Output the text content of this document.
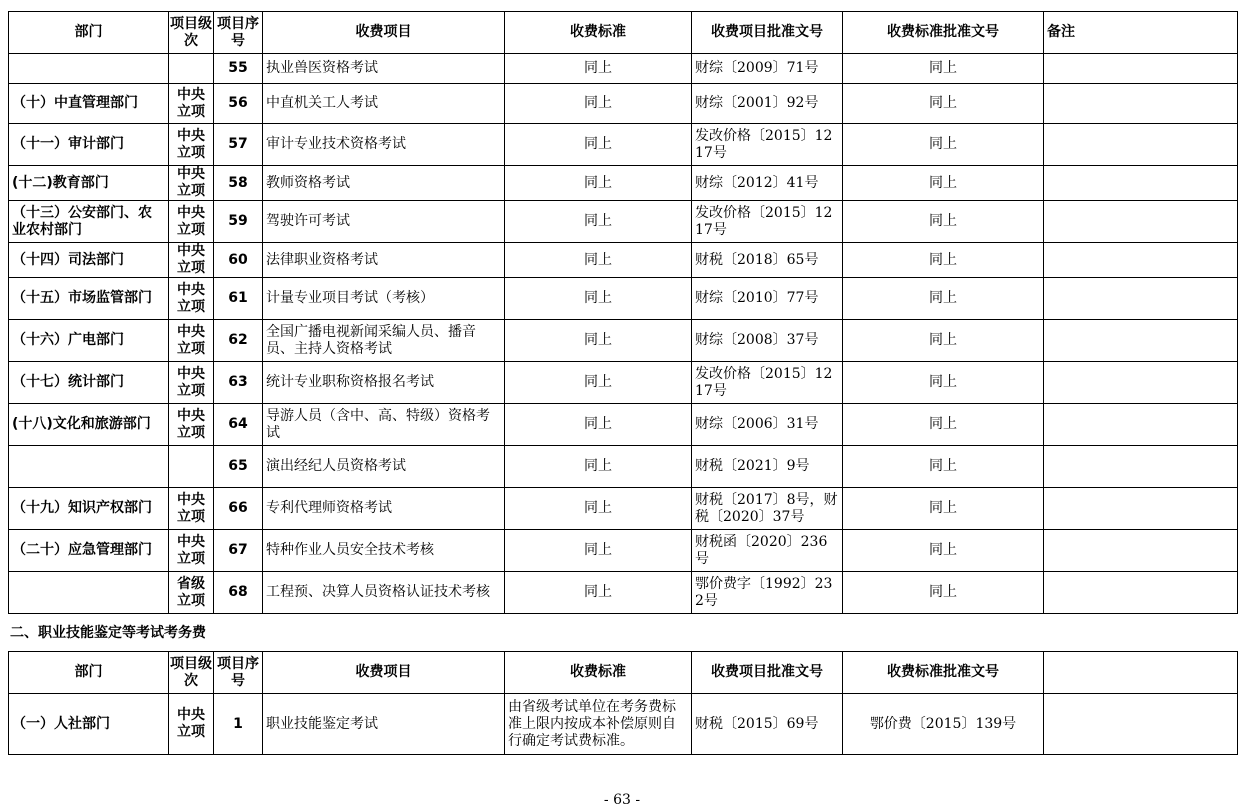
部门	项目级次	项目序号	收费项目	收费标准	收费项目批准文号	收费标准批准文号	备注
		55	执业兽医资格考试	同上	财综〔2009〕71号	同上	
（十）中直管理部门	中央立项	56	中直机关工人考试	同上	财综〔2001〕92号	同上	
（十一）审计部门	中央立项	57	审计专业技术资格考试	同上	发改价格〔2015〕1217号	同上	
(十二)教育部门	中央立项	58	教师资格考试	同上	财综〔2012〕41号	同上	
（十三）公安部门、农业农村部门	中央立项	59	驾驶许可考试	同上	发改价格〔2015〕1217号	同上	
（十四）司法部门	中央立项	60	法律职业资格考试	同上	财税〔2018〕65号	同上	
（十五）市场监管部门	中央立项	61	计量专业项目考试（考核）	同上	财综〔2010〕77号	同上	
（十六）广电部门	中央立项	62	全国广播电视新闻采编人员、播音员、主持人资格考试	同上	财综〔2008〕37号	同上	
（十七）统计部门	中央立项	63	统计专业职称资格报名考试	同上	发改价格〔2015〕1217号	同上	
(十八)文化和旅游部门	中央立项	64	导游人员（含中、高、特级）资格考试	同上	财综〔2006〕31号	同上	
		65	演出经纪人员资格考试	同上	财税〔2021〕9号	同上	
（十九）知识产权部门	中央立项	66	专利代理师资格考试	同上	财税〔2017〕8号，财税〔2020〕37号	同上	
（二十）应急管理部门	中央立项	67	特种作业人员安全技术考核	同上	财税函〔2020〕236号	同上	
	省级立项	68	工程预、决算人员资格认证技术考核	同上	鄂价费字〔1992〕232号	同上	
二、职业技能鉴定等考试考务费
部门	项目级次	项目序号	收费项目	收费标准	收费项目批准文号	收费标准批准文号	
（一）人社部门	中央立项	1	职业技能鉴定考试	由省级考试单位在考务费标准上限内按成本补偿原则自行确定考试费标准。	财税〔2015〕69号	鄂价费〔2015〕139号	
- 63 -
